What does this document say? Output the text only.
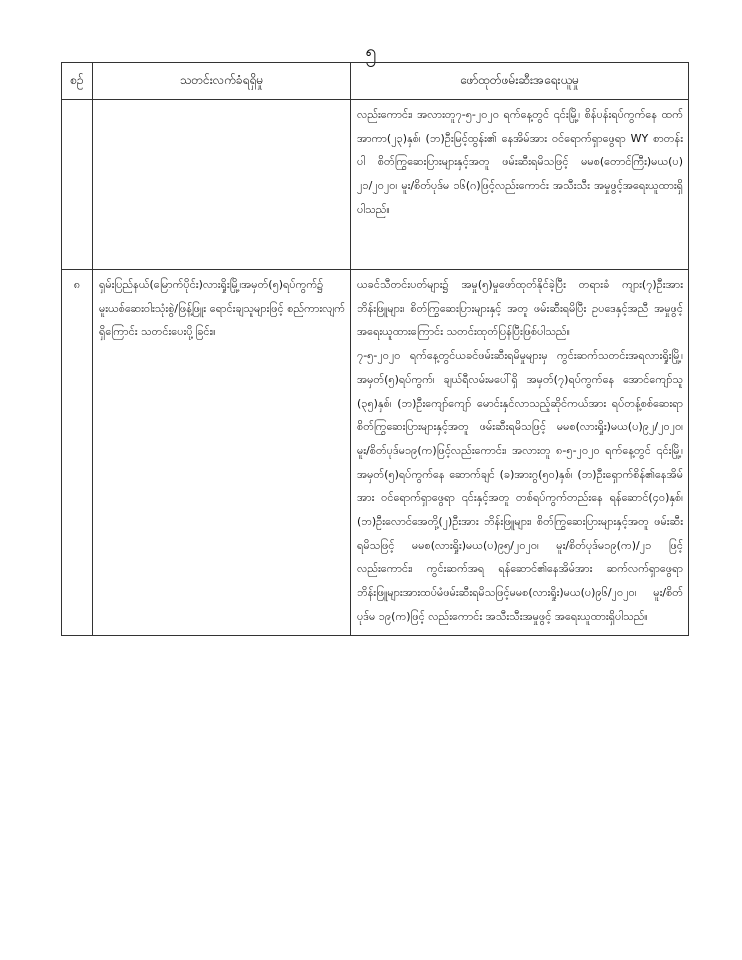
၅
စဉ်	သတင်းလက်ခံရရှိမှု	ဖော်ထုတ်ဖမ်းဆီးအရေးယူမှု

		လည်းကောင်း၊ အလားတူ၇-၅-၂၀၂၀ ရက်နေ့တွင် ၎င်းမြို့၊ စိန်ပန်းရပ်ကွက်နေ ထက်အာကာ(၂၃)နှစ်၊ (ဘ)ဦးမြင့်ထွန်း၏ နေအိမ်အား ဝင်ရောက်ရှာဖွေရာ WY စာတန်းပါ စိတ်ကြွဆေးပြားများနှင့်အတူ ဖမ်းဆီးရမိသဖြင့် မမစ(တောင်ကြီး)မယ(ပ) ၂၁/၂၀၂၀၊ မူး/စိတ်ပုဒ်မ ၁၆(ဂ)ဖြင့်လည်းကောင်း အသီးသီး အမှုဖွင့်အရေးယူထားရှိပါသည်။

၈	ရှမ်းပြည်နယ်(မြောက်ပိုင်း)လားရှိုးမြို့၊အမှတ်(၅)ရပ်ကွက်၌ မူးယစ်ဆေးဝါးသုံးစွဲ/ဖြန့်ဖြူး ရောင်းချသူများဖြင့် စည်ကားလျက်ရှိကြောင်း သတင်းပေးပို့ခြင်း။	ယခင်သီတင်းပတ်များ၌ အမှု(၅)မှုဖော်ထုတ်နိုင်ခဲ့ပြီး တရားခံ ကျား(၇)ဦးအား ဘိန်းဖြူများ၊ စိတ်ကြွဆေးပြားများနှင့် အတူ ဖမ်းဆီးရမိပြီး ဥပဒေနှင့်အညီ အမှုဖွင့်အရေးယူထားကြောင်း သတင်းထုတ်ပြန်ပြီးဖြစ်ပါသည်။

၇-၅-၂၀၂၀ ရက်နေ့တွင်ယခင်ဖမ်းဆီးရမိမှုများမှ ကွင်းဆက်သတင်းအရလားရှိုးမြို့၊ အမှတ်(၅)ရပ်ကွက်၊ ချယ်ရီလမ်းမပေါ်ရှိ အမှတ်(၇)ရပ်ကွက်နေ အောင်ကျော်သူ (၃၅)နှစ်၊ (ဘ)ဦးကျော်ကျော် မောင်းနှင်လာသည့်ဆိုင်ကယ်အား ရပ်တန့်စစ်ဆေးရာ စိတ်ကြွဆေးပြားများနှင့်အတူ ဖမ်းဆီးရမိသဖြင့် မမစ(လားရှိုး)မယ(ပ)၉၂/၂၀၂၀၊ မူး/စိတ်ပုဒ်မ၁၉(က)ဖြင့်လည်းကောင်း၊ အလားတူ ၈-၅-၂၀၂၀ ရက်နေ့တွင် ၎င်းမြို့၊ အမှတ်(၅)ရပ်ကွက်နေ ဆောက်ချင် (ခ)အားဂွ(၅၀)နှစ်၊ (ဘ)ဦးရှောက်စိန်၏နေအိမ်အား ဝင်ရောက်ရှာဖွေရာ ၎င်းနှင့်အတူ တစ်ရပ်ကွက်တည်းနေ ရန်ဆောင်(၄၀)နှစ်၊ (ဘ)ဦးလောင်အေတို့(၂)ဦးအား ဘိန်းဖြူများ၊ စိတ်ကြွဆေးပြားများနှင့်အတူ ဖမ်းဆီးရမိသဖြင့် မမစ(လားရှိုး)မယ(ပ)၉၅/၂၀၂၀၊ မူး/စိတ်ပုဒ်မ၁၉(က)/၂၁ ဖြင့်လည်းကောင်း၊ ကွင်းဆက်အရ ရန်ဆောင်၏နေအိမ်အား ဆက်လက်ရှာဖွေရာ ဘိန်းဖြူများအားထပ်မံဖမ်းဆီးရမိသဖြင့်မမစ(လားရှိုး)မယ(ပ)၉၆/၂၀၂၀၊ မူး/စိတ်ပုဒ်မ ၁၉(က)ဖြင့် လည်းကောင်း အသီးသီးအမှုဖွင့် အရေးယူထားရှိပါသည်။
